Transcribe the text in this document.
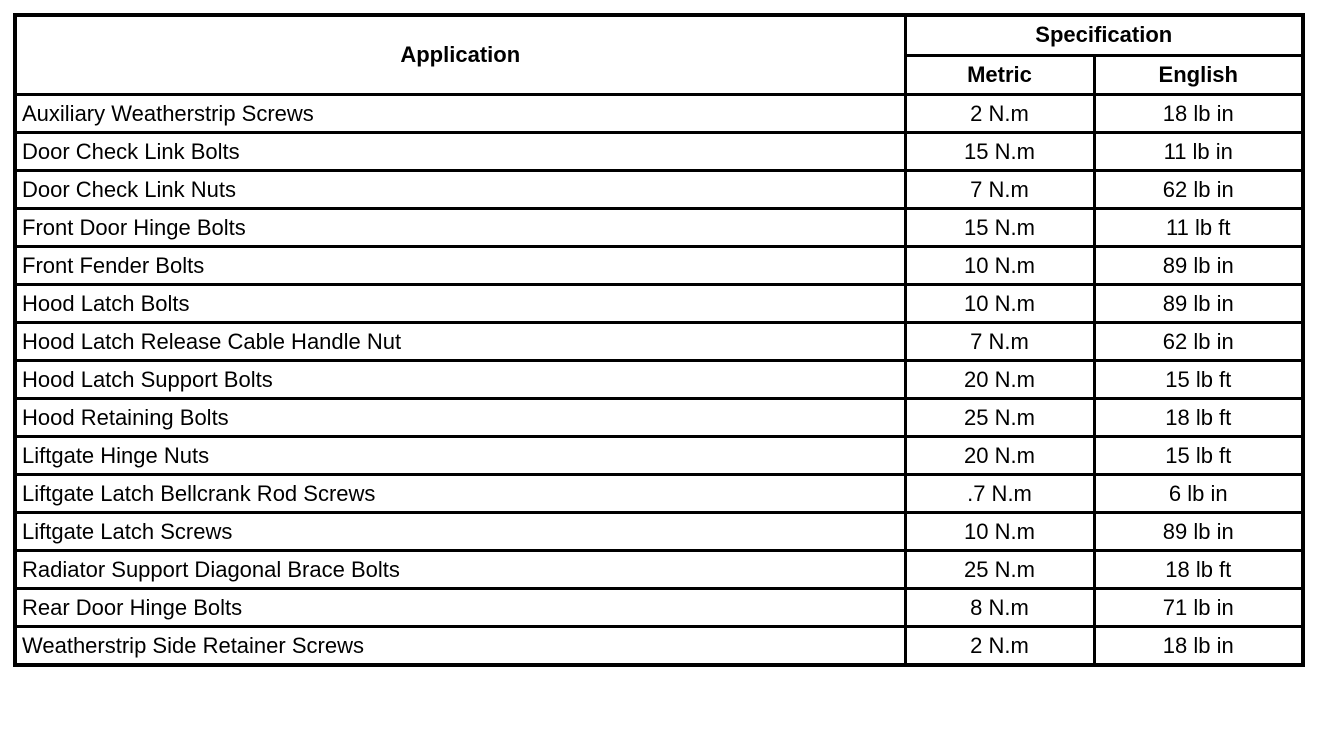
Application	Specification	
	Metric	English
Auxiliary Weatherstrip Screws	2 N.m	18 lb in
Door Check Link Bolts	15 N.m	11 lb in
Door Check Link Nuts	7 N.m	62 lb in
Front Door Hinge Bolts	15 N.m	11 lb ft
Front Fender Bolts	10 N.m	89 lb in
Hood Latch Bolts	10 N.m	89 lb in
Hood Latch Release Cable Handle Nut	7 N.m	62 lb in
Hood Latch Support Bolts	20 N.m	15 lb ft
Hood Retaining Bolts	25 N.m	18 lb ft
Liftgate Hinge Nuts	20 N.m	15 lb ft
Liftgate Latch Bellcrank Rod Screws	.7 N.m	6 lb in
Liftgate Latch Screws	10 N.m	89 lb in
Radiator Support Diagonal Brace Bolts	25 N.m	18 lb ft
Rear Door Hinge Bolts	8 N.m	71 lb in
Weatherstrip Side Retainer Screws	2 N.m	18 lb in
